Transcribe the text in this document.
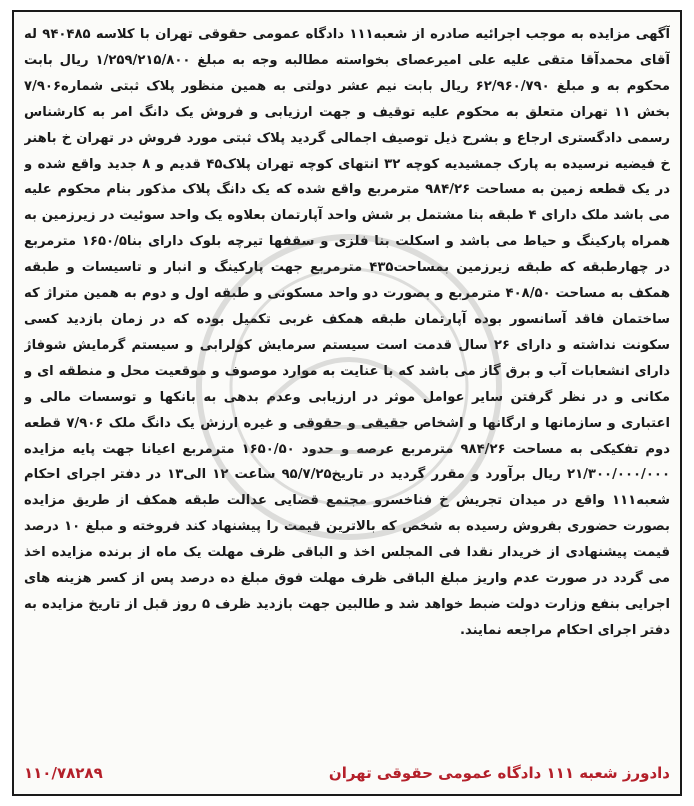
آگهی مزایده به موجب اجرائیه صادره از شعبه۱۱۱ دادگاه عمومی حقوقی تهران با کلاسه ۹۴۰۴۸۵ له آقای محمدآقا متقی علیه علی امیرعصای بخواسته مطالبه وجه به مبلغ ۱/۲۵۹/۲۱۵/۸۰۰ ریال بابت محکوم به و مبلغ ۶۲/۹۶۰/۷۹۰ ریال بابت نیم عشر دولتی به همین منظور پلاک ثبتی شماره۷/۹۰۶ بخش ۱۱ تهران متعلق به محکوم علیه توقیف و جهت ارزیابی و فروش یک دانگ امر به کارشناس رسمی دادگستری ارجاع و بشرح ذیل توصیف اجمالی گردید پلاک ثبتی مورد فروش در تهران خ باهنر خ فیضیه نرسیده به پارک جمشیدیه کوچه ۳۲ انتهای کوچه تهران پلاک۴۵ قدیم و ۸ جدید واقع شده و در یک قطعه زمین به مساحت ۹۸۴/۲۶ مترمربع واقع شده که یک دانگ پلاک مذکور بنام محکوم علیه می باشد ملک دارای ۴ طبقه بنا مشتمل بر شش واحد آپارتمان بعلاوه یک واحد سوئیت در زیرزمین به همراه پارکینگ و حیاط می باشد و اسکلت بنا فلزی و سقفها تیرچه بلوک دارای بنا۱۶۵۰/۵ مترمربع در چهارطبقه که طبقه زیرزمین بمساحت۴۳۵ مترمربع جهت پارکینگ و انبار و تاسیسات و طبقه همکف به مساحت ۴۰۸/۵۰ مترمربع و بصورت دو واحد مسکونی و طبقه اول و دوم به همین متراژ که ساختمان فاقد آسانسور بوده آپارتمان طبقه همکف غربی تکمیل بوده که در زمان بازدید کسی سکونت نداشته و دارای ۲۶ سال قدمت است سیستم سرمایش کولرابی و سیستم گرمایش شوفاژ دارای انشعابات آب و برق گاز می باشد که با عنایت به موارد موصوف و موقعیت محل و منطقه ای و مکانی و در نظر گرفتن سایر عوامل موثر در ارزیابی وعدم بدهی به بانکها و توسسات مالی و اعتباری و سازمانها و ارگانها و اشخاص حقیقی و حقوقی و غیره ارزش یک دانگ ملک ۷/۹۰۶ قطعه دوم تفکیکی به مساحت ۹۸۴/۲۶ مترمربع عرصه و حدود ۱۶۵۰/۵۰ مترمربع اعیانا جهت پایه مزایده ۲۱/۳۰۰/۰۰۰/۰۰۰ ریال برآورد و مقرر گردید در تاریخ۹۵/۷/۲۵ ساعت ۱۲ الی۱۳ در دفتر اجرای احکام شعبه۱۱۱ واقع در میدان تجریش خ فناخسرو مجتمع قضایی عدالت طبقه همکف از طریق مزایده بصورت حضوری بفروش رسیده به شخص که بالاترین قیمت را پیشنهاد کند فروخته و مبلغ ۱۰ درصد قیمت پیشنهادی از خریدار نقدا فی المجلس اخذ و الباقی ظرف مهلت یک ماه از برنده مزایده اخذ می گردد در صورت عدم واریز مبلغ الباقی ظرف مهلت فوق مبلغ ده درصد پس از کسر هزینه های اجرایی بنفع وزارت دولت ضبط خواهد شد و طالبین جهت بازدید ظرف ۵ روز قبل از تاریخ مزایده به دفتر اجرای احکام مراجعه نمایند.
دادورز شعبه ۱۱۱ دادگاه عمومی حقوقی تهران
۱۱۰/۷۸۲۸۹
